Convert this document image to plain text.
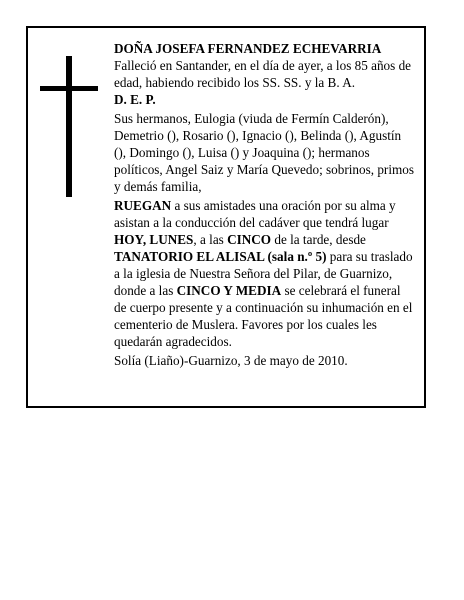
DOÑA JOSEFA FERNANDEZ ECHEVARRIA

Falleció en Santander, en el día de ayer, a los 85 años de edad, habiendo recibido los SS. SS. y la B. A.

D. E. P.

Sus hermanos, Eulogia (viuda de Fermín Calderón), Demetrio (), Rosario (), Ignacio (), Belinda (), Agustín (), Domingo (), Luisa () y Joaquina (); hermanos políticos, Angel Saiz y María Quevedo; sobrinos, primos y demás familia,

RUEGAN a sus amistades una oración por su alma y asistan a la conducción del cadáver que tendrá lugar HOY, LUNES, a las CINCO de la tarde, desde TANATORIO EL ALISAL (sala n.º 5) para su traslado a la iglesia de Nuestra Señora del Pilar, de Guarnizo, donde a las CINCO Y MEDIA se celebrará el funeral de cuerpo presente y a continuación su inhumación en el cementerio de Muslera. Favores por los cuales les quedarán agradecidos.

Solía (Liaño)-Guarnizo, 3 de mayo de 2010.
